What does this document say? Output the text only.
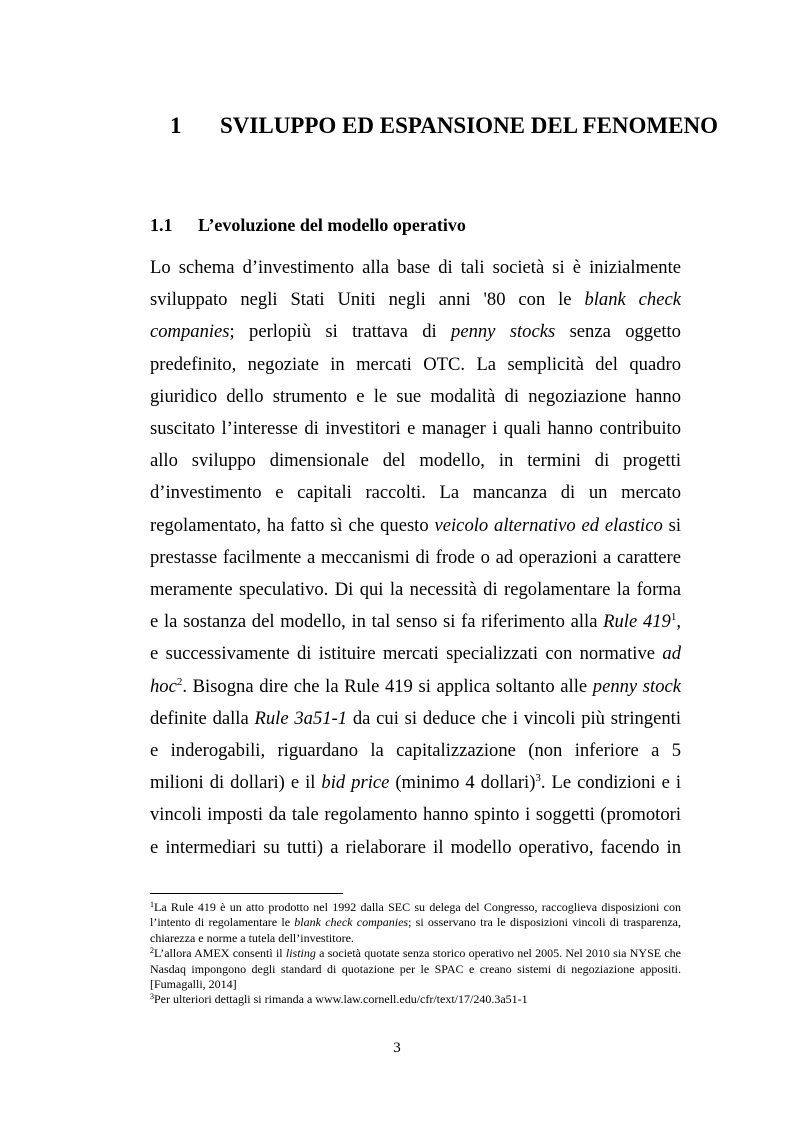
1 SVILUPPO ED ESPANSIONE DEL FENOMENO
1.1 L’evoluzione del modello operativo
Lo schema d’investimento alla base di tali società si è inizialmente
sviluppato negli Stati Uniti negli anni '80 con le blank check
companies; perlopiù si trattava di penny stocks senza oggetto
predefinito, negoziate in mercati OTC. La semplicità del quadro
giuridico dello strumento e le sue modalità di negoziazione hanno
suscitato l’interesse di investitori e manager i quali hanno contribuito
allo sviluppo dimensionale del modello, in termini di progetti
d’investimento e capitali raccolti. La mancanza di un mercato
regolamentato, ha fatto sì che questo veicolo alternativo ed elastico si
prestasse facilmente a meccanismi di frode o ad operazioni a carattere
meramente speculativo. Di qui la necessità di regolamentare la forma
e la sostanza del modello, in tal senso si fa riferimento alla Rule $419^1$,
e successivamente di istituire mercati specializzati con normative ad
hoc$^2$. Bisogna dire che la Rule 419 si applica soltanto alle penny stock
definite dalla Rule 3a51-1 da cui si deduce che i vincoli più stringenti
e inderogabili, riguardano la capitalizzazione (non inferiore a 5
milioni di dollari) e il bid price (minimo 4 dollari)$^3$. Le condizioni e i
vincoli imposti da tale regolamento hanno spinto i soggetti (promotori
e intermediari su tutti) a rielaborare il modello operativo, facendo in
$^1$La Rule 419 è un atto prodotto nel 1992 dalla SEC su delega del Congresso, raccoglieva disposizioni con l’intento di regolamentare le blank check companies; si osservano tra le disposizioni vincoli di trasparenza, chiarezza e norme a tutela dell’investitore.
$^2$L’allora AMEX consentì il listing a società quotate senza storico operativo nel 2005. Nel 2010 sia NYSE che Nasdaq impongono degli standard di quotazione per le SPAC e creano sistemi di negoziazione appositi. [Fumagalli, 2014]
$^3$Per ulteriori dettagli si rimanda a www.law.cornell.edu/cfr/text/17/240.3a51-1
3
